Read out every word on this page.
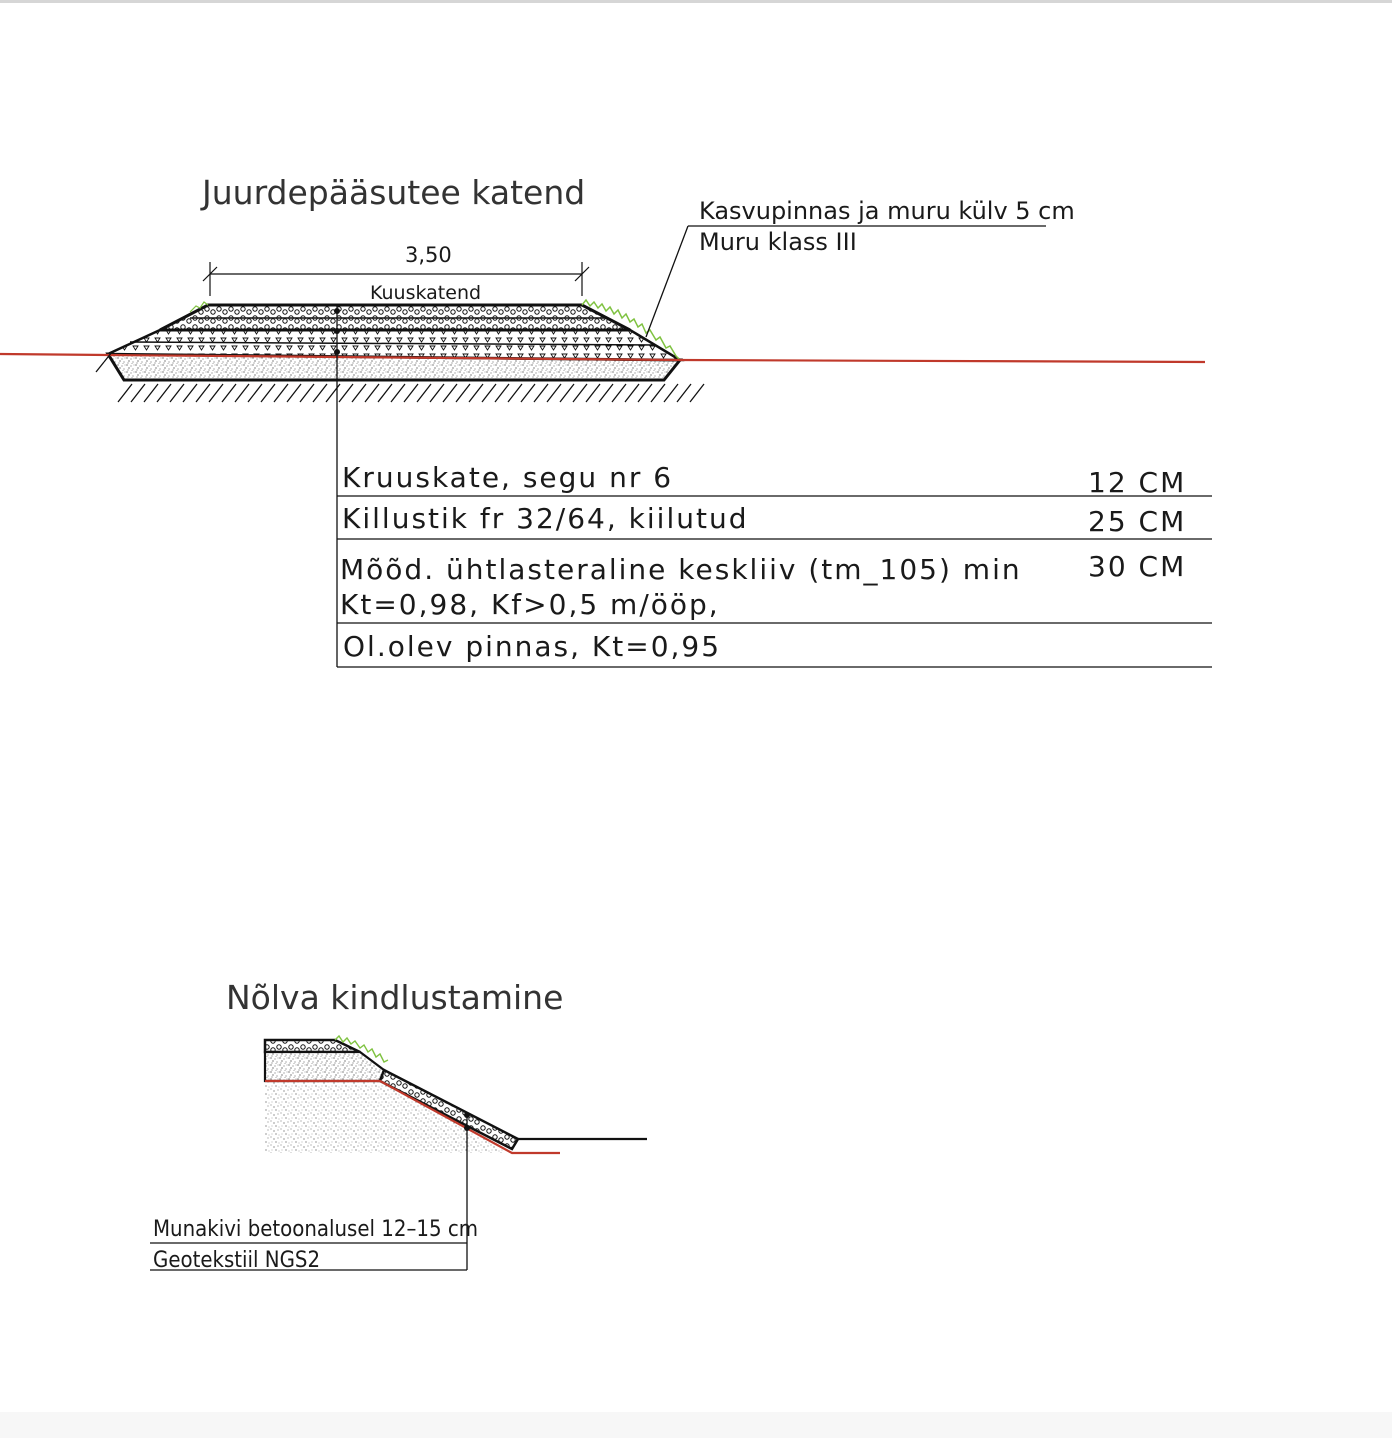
Juurdepääsutee katend
3,50
Kuuskatend
Kasvupinnas ja muru külv 5 cm
Muru klass III
Kruuskate, segu nr 6	12 CM
Killustik fr 32/64, kiilutud	25 CM
Mõõd. ühtlasteraline keskliiv (tm_105) min
Kt=0,98, Kf>0,5 m/ööp,
30 CM
Ol.olev pinnas, Kt=0,95
Nõlva kindlustamine
Munakivi betoonalusel 12–15 cm
Geotekstiil NGS2
